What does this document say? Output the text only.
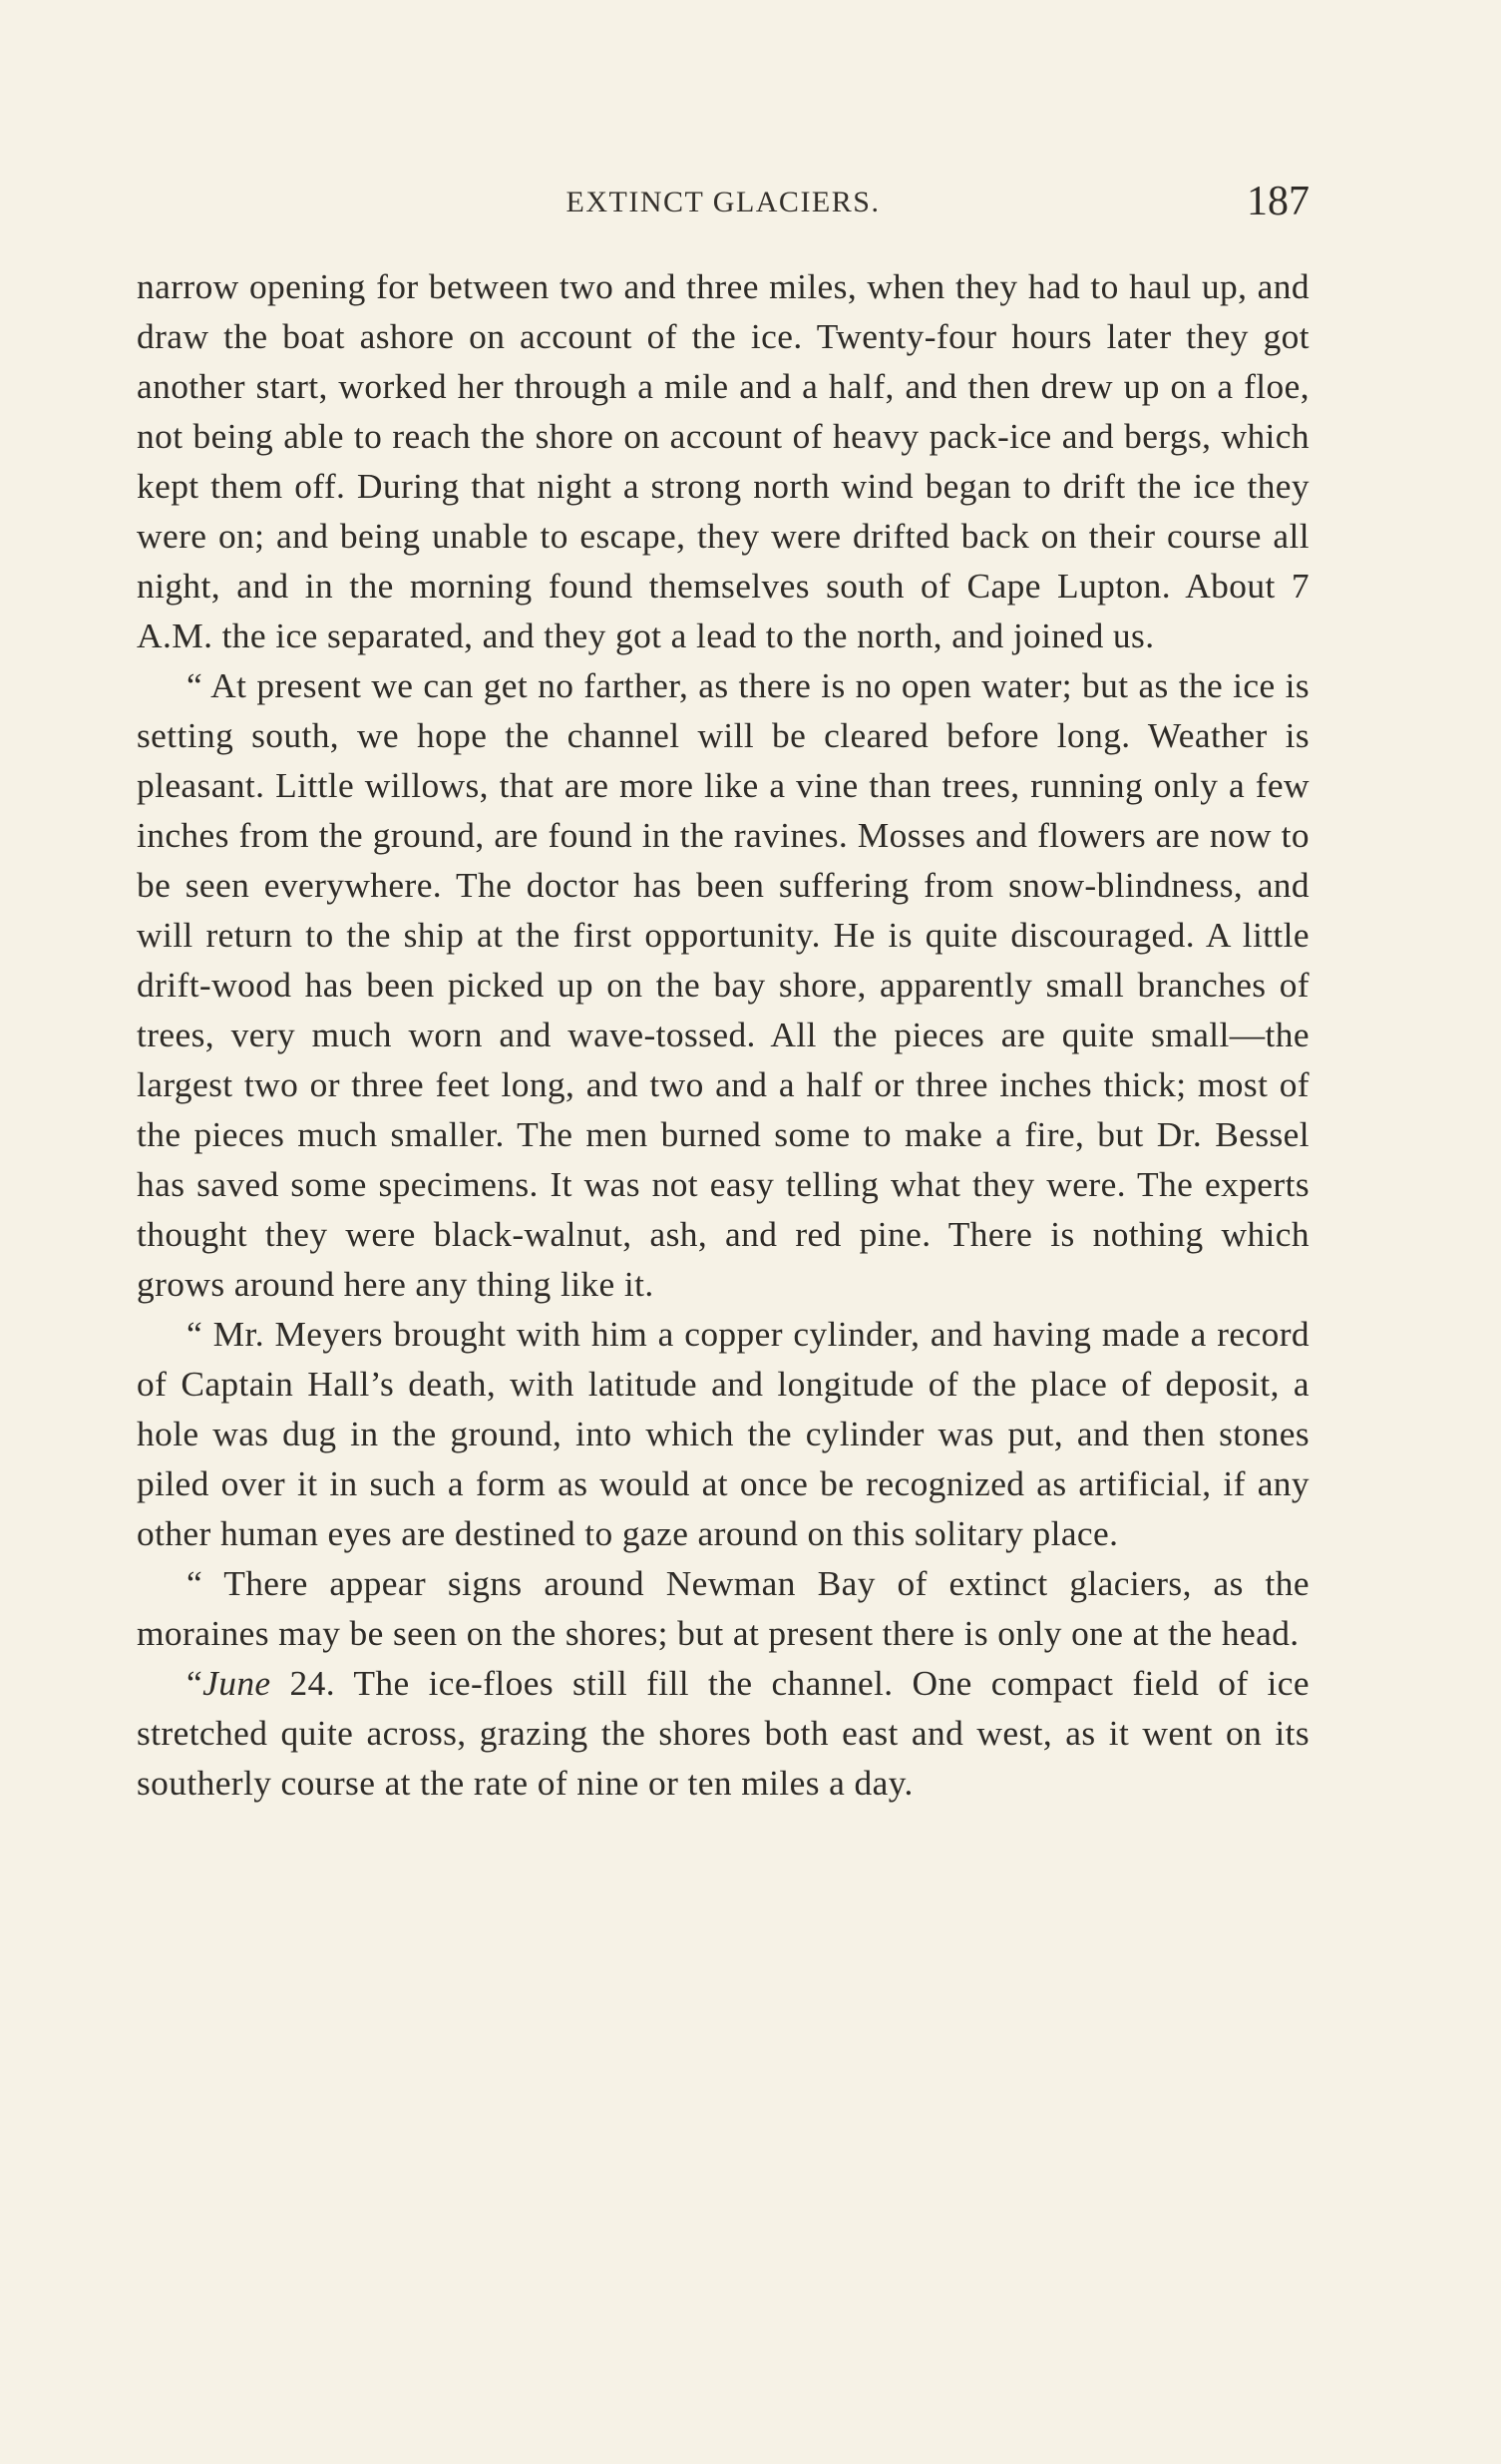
EXTINCT GLACIERS.	187

narrow opening for between two and three miles, when they had to haul up, and draw the boat ashore on account of the ice. Twenty-four hours later they got another start, worked her through a mile and a half, and then drew up on a floe, not being able to reach the shore on account of heavy pack-ice and bergs, which kept them off. During that night a strong north wind began to drift the ice they were on; and being unable to escape, they were drifted back on their course all night, and in the morning found themselves south of Cape Lupton. About 7 A.M. the ice separated, and they got a lead to the north, and joined us.

“ At present we can get no farther, as there is no open water; but as the ice is setting south, we hope the channel will be cleared before long. Weather is pleasant. Little willows, that are more like a vine than trees, running only a few inches from the ground, are found in the ravines. Mosses and flowers are now to be seen everywhere. The doctor has been suffering from snow-blindness, and will return to the ship at the first opportunity. He is quite discouraged. A little drift-wood has been picked up on the bay shore, apparently small branches of trees, very much worn and wave-tossed. All the pieces are quite small—the largest two or three feet long, and two and a half or three inches thick; most of the pieces much smaller. The men burned some to make a fire, but Dr. Bessel has saved some specimens. It was not easy telling what they were. The experts thought they were black-walnut, ash, and red pine. There is nothing which grows around here any thing like it.

“ Mr. Meyers brought with him a copper cylinder, and having made a record of Captain Hall’s death, with latitude and longitude of the place of deposit, a hole was dug in the ground, into which the cylinder was put, and then stones piled over it in such a form as would at once be recognized as artificial, if any other human eyes are destined to gaze around on this solitary place.

“ There appear signs around Newman Bay of extinct glaciers, as the moraines may be seen on the shores; but at present there is only one at the head.

“June 24. The ice-floes still fill the channel. One compact field of ice stretched quite across, grazing the shores both east and west, as it went on its southerly course at the rate of nine or ten miles a day.
